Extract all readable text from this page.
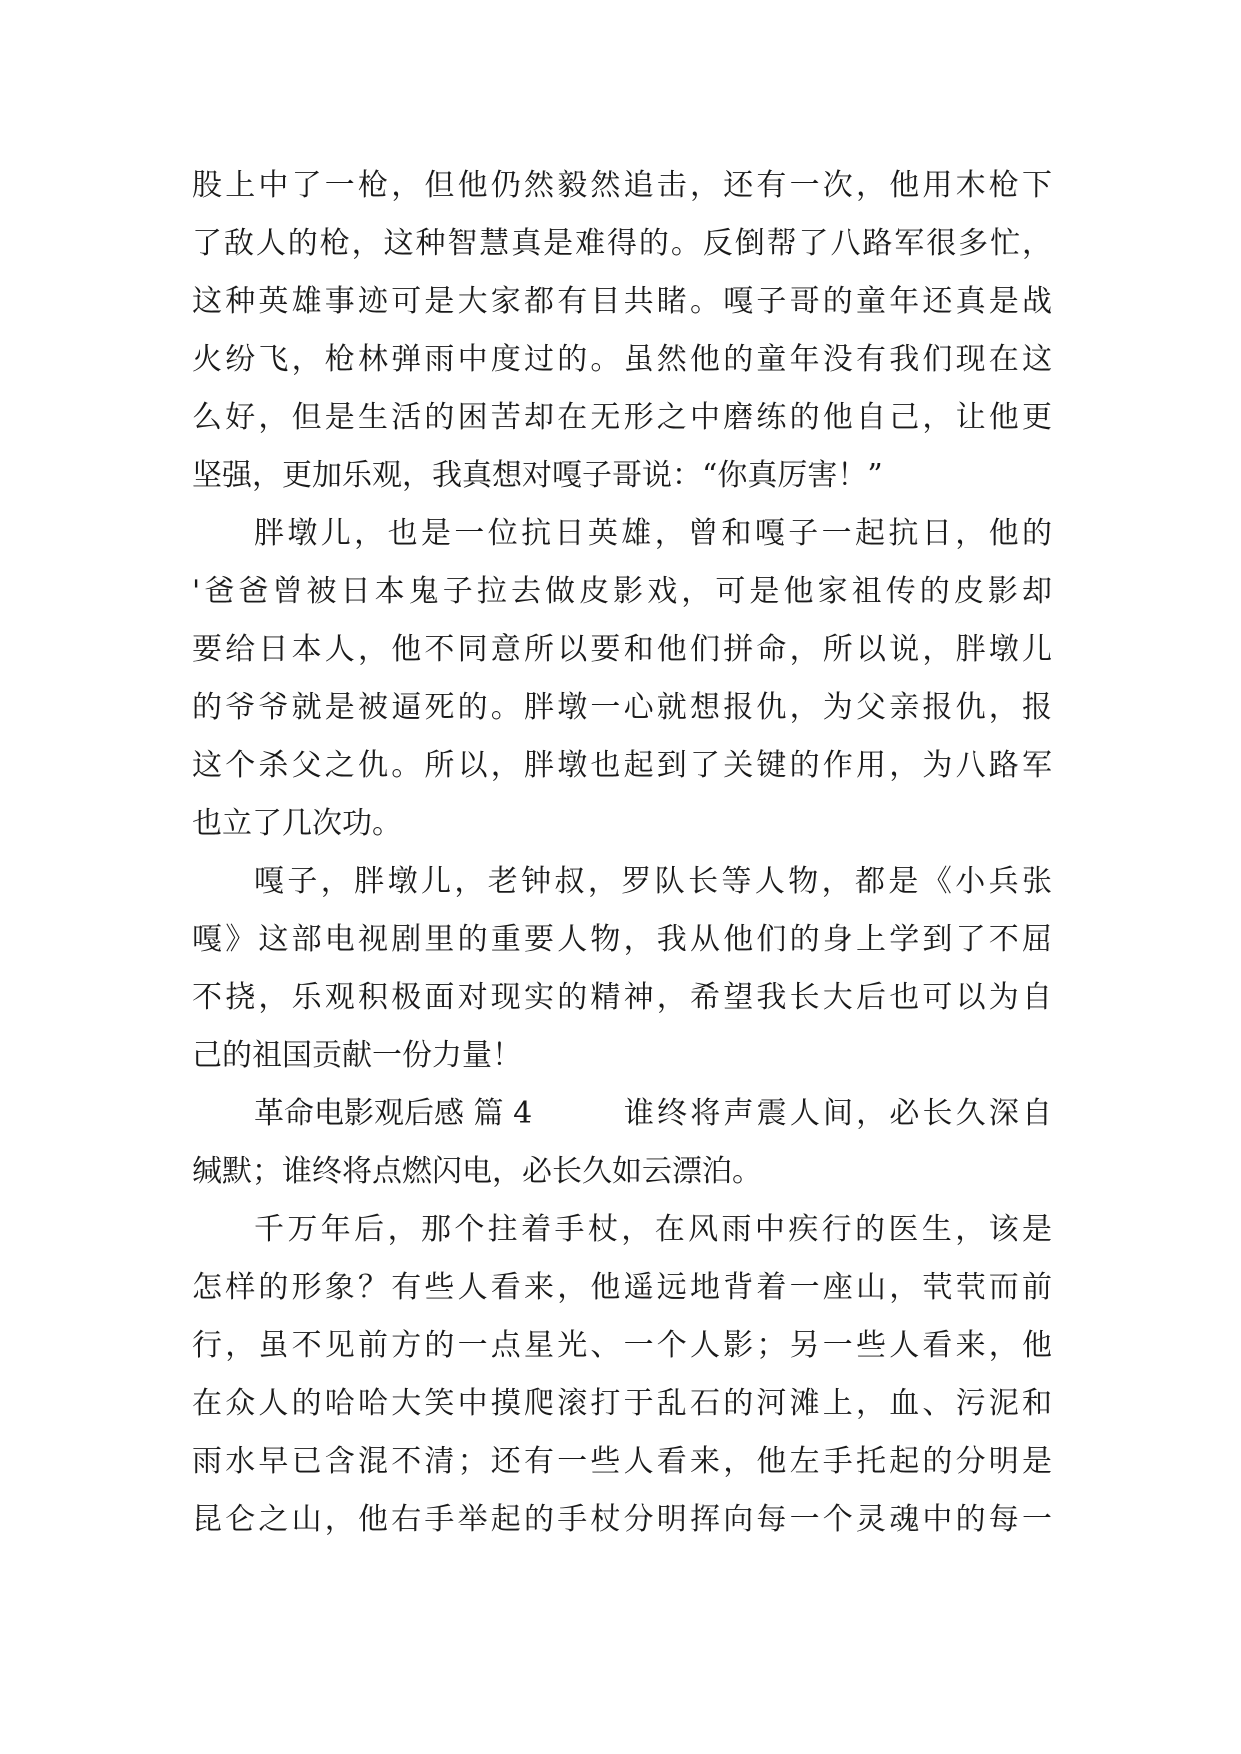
股上中了一枪，但他仍然毅然追击，还有一次，他用木枪下
了敌人的枪，这种智慧真是难得的。反倒帮了八路军很多忙，
这种英雄事迹可是大家都有目共睹。嘎子哥的童年还真是战
火纷飞，枪林弹雨中度过的。虽然他的童年没有我们现在这
么好，但是生活的困苦却在无形之中磨练的他自己，让他更
坚强，更加乐观，我真想对嘎子哥说：“你真厉害！”
胖墩儿，也是一位抗日英雄，曾和嘎子一起抗日，他的
'爸爸曾被日本鬼子拉去做皮影戏，可是他家祖传的皮影却
要给日本人，他不同意所以要和他们拼命，所以说，胖墩儿
的爷爷就是被逼死的。胖墩一心就想报仇，为父亲报仇，报
这个杀父之仇。所以，胖墩也起到了关键的作用，为八路军
也立了几次功。
嘎子，胖墩儿，老钟叔，罗队长等人物，都是《小兵张
嘎》这部电视剧里的重要人物，我从他们的身上学到了不屈
不挠，乐观积极面对现实的精神，希望我长大后也可以为自
己的祖国贡献一份力量！
革命电影观后感 篇 4	谁终将声震人间，必长久深自
缄默；谁终将点燃闪电，必长久如云漂泊。
千万年后，那个拄着手杖，在风雨中疾行的医生，该是
怎样的形象？有些人看来，他遥远地背着一座山，茕茕而前
行，虽不见前方的一点星光、一个人影；另一些人看来，他
在众人的哈哈大笑中摸爬滚打于乱石的河滩上，血、污泥和
雨水早已含混不清；还有一些人看来，他左手托起的分明是
昆仑之山，他右手举起的手杖分明挥向每一个灵魂中的每一
